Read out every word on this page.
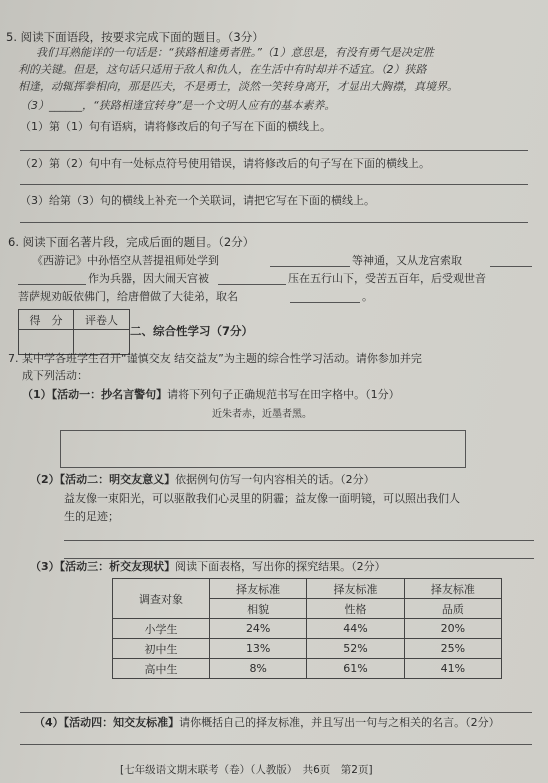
5. 阅读下面语段，按要求完成下面的题目。（3分）
我们耳熟能详的一句话是：“狭路相逢勇者胜。”（1）意思是，有没有勇气是决定胜
利的关键。但是，这句话只适用于敌人和仇人，在生活中有时却并不适宜。（2）狭路
相逢，动辄挥拳相向，那是匹夫，不是勇士，淡然一笑转身离开，才显出大胸襟，真境界。
（3）______，“狭路相逢宜转身”是一个文明人应有的基本素养。
（1）第（1）句有语病，请将修改后的句子写在下面的横线上。
（2）第（2）句中有一处标点符号使用错误，请将修改后的句子写在下面的横线上。
（3）给第（3）句的横线上补充一个关联词，请把它写在下面的横线上。
6. 阅读下面名著片段，完成后面的题目。（2分）
《西游记》中孙悟空从菩提祖师处学到	等神通，又从龙宫索取
作为兵器，因大闹天宫被	压在五行山下，受苦五百年，后受观世音
菩萨规劝皈依佛门，给唐僧做了大徒弟，取名	。
得　分	评卷人
二、综合性学习（7分）
7. 某中学各班学生召开“谨慎交友 结交益友”为主题的综合性学习活动。请你参加并完
成下列活动：
（1）【活动一：抄名言警句】请将下列句子正确规范书写在田字格中。（1分）
近朱者赤，近墨者黑。
（2）【活动二：明交友意义】依据例句仿写一句内容相关的话。（2分）
益友像一束阳光，可以驱散我们心灵里的阴霾；益友像一面明镜，可以照出我们人
生的足迹；
（3）【活动三：析交友现状】阅读下面表格，写出你的探究结果。（2分）
调查对象	择友标准	择友标准	择友标准
	相貌	性格	品质
小学生	24%	44%	20%
初中生	13%	52%	25%
高中生	8%	61%	41%
（4）【活动四：知交友标准】请你概括自己的择友标准，并且写出一句与之相关的名言。（2分）
[七年级语文期末联考（卷）（人教版）　 共6页　 第2页]
